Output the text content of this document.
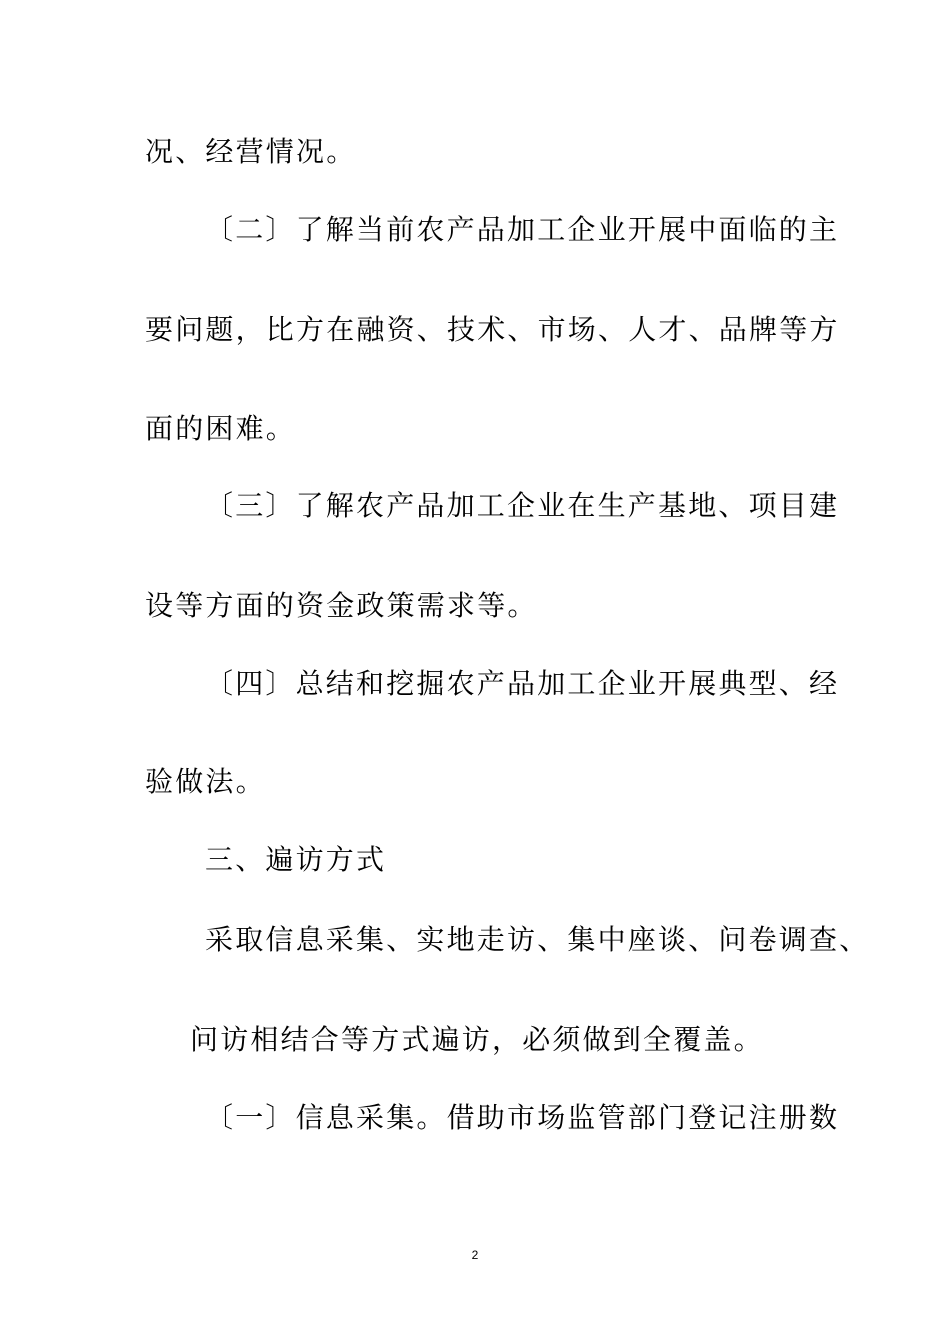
况、经营情况。
〔二〕了解当前农产品加工企业开展中面临的主
要问题，比方在融资、技术、市场、人才、品牌等方
面的困难。
〔三〕了解农产品加工企业在生产基地、项目建
设等方面的资金政策需求等。
〔四〕总结和挖掘农产品加工企业开展典型、经
验做法。
三、遍访方式
采取信息采集、实地走访、集中座谈、问卷调查、
问访相结合等方式遍访，必须做到全覆盖。
〔一〕信息采集。借助市场监管部门登记注册数
2
